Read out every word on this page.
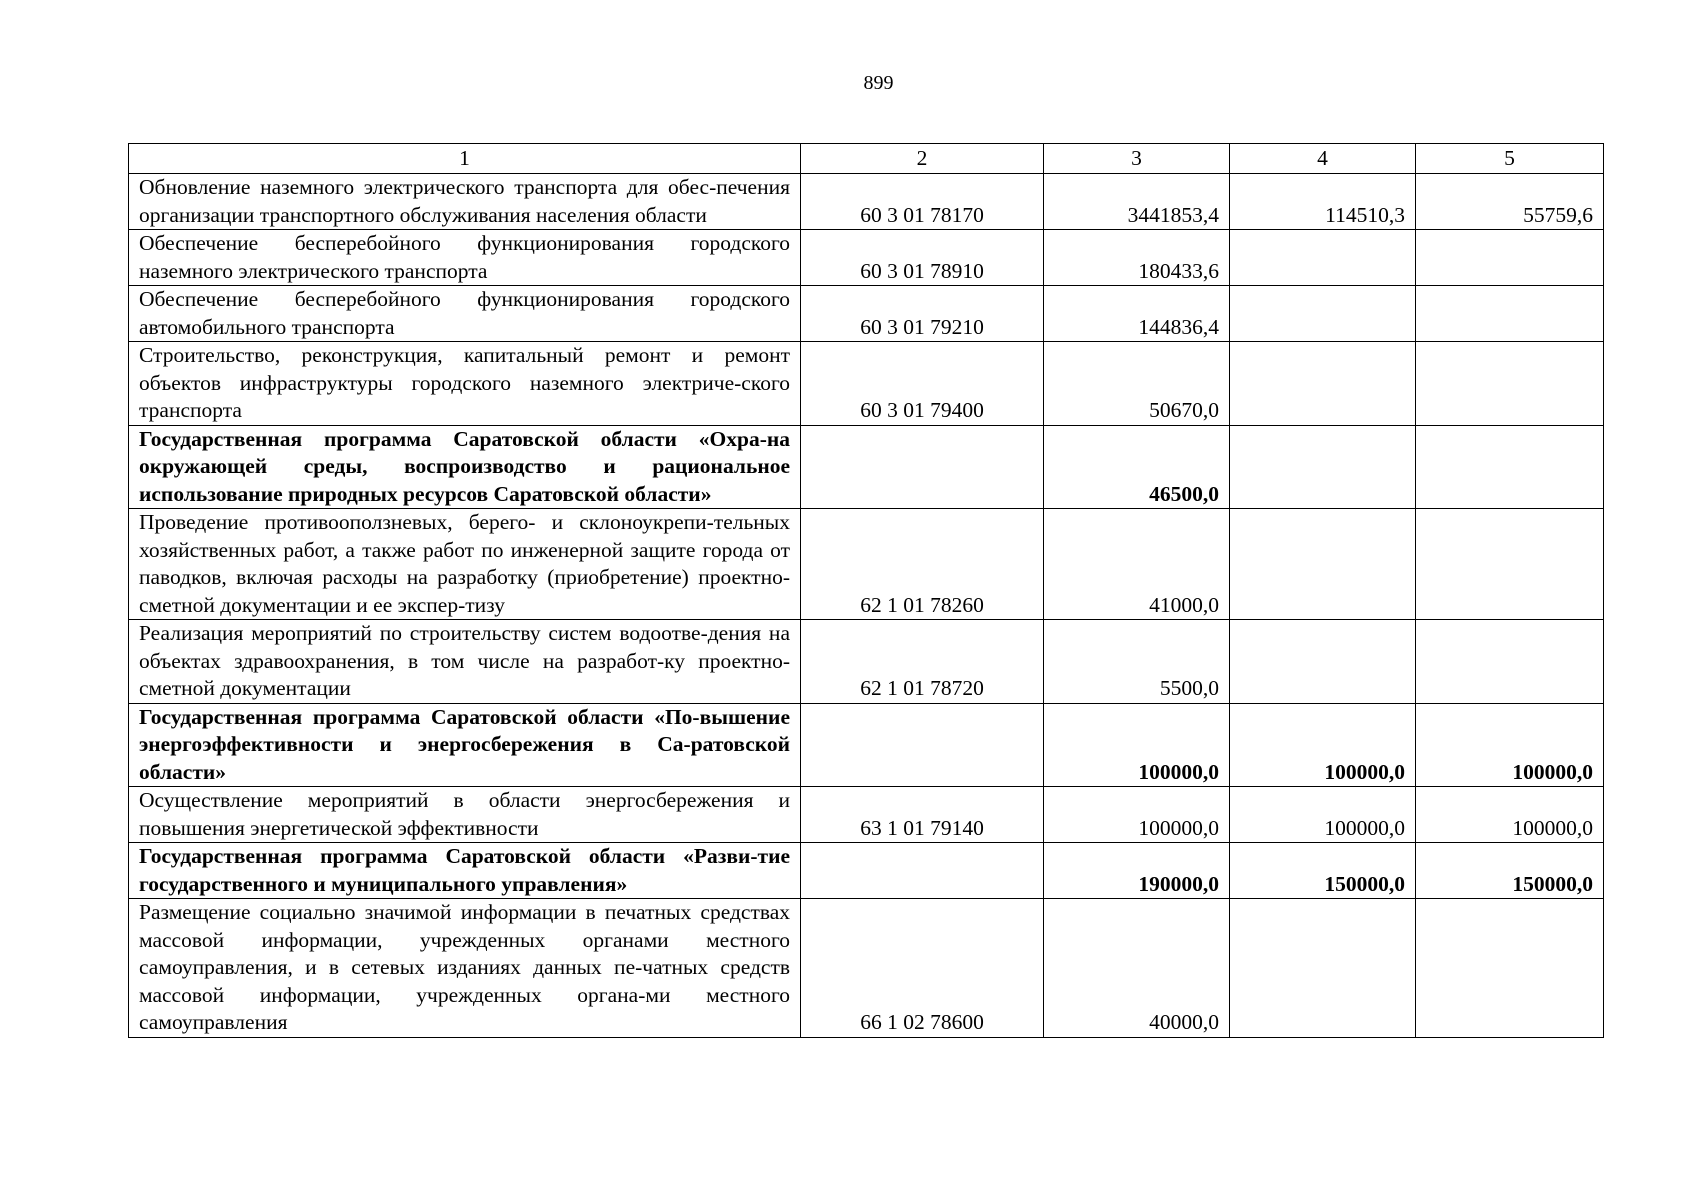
899
1	2	3	4	5
Обновление наземного электрического транспорта для обес-печения организации транспортного обслуживания населения области	60 3 01 78170	3441853,4	114510,3	55759,6
Обеспечение бесперебойного функционирования городского наземного электрического транспорта	60 3 01 78910	180433,6		
Обеспечение бесперебойного функционирования городского автомобильного транспорта	60 3 01 79210	144836,4		
Строительство, реконструкция, капитальный ремонт и ремонт объектов инфраструктуры городского наземного электриче-ского транспорта	60 3 01 79400	50670,0		
Государственная программа Саратовской области «Охра-на окружающей среды, воспроизводство и рациональное использование природных ресурсов Саратовской области»		46500,0		
Проведение противооползневых, берего- и склоноукрепи-тельных хозяйственных работ, а также работ по инженерной защите города от паводков, включая расходы на разработку (приобретение) проектно-сметной документации и ее экспер-тизу	62 1 01 78260	41000,0		
Реализация мероприятий по строительству систем водоотве-дения на объектах здравоохранения, в том числе на разработ-ку проектно-сметной документации	62 1 01 78720	5500,0		
Государственная программа Саратовской области «По-вышение энергоэффективности и энергосбережения в Са-ратовской области»		100000,0	100000,0	100000,0
Осуществление мероприятий в области энергосбережения и повышения энергетической эффективности	63 1 01 79140	100000,0	100000,0	100000,0
Государственная программа Саратовской области «Разви-тие государственного и муниципального управления»		190000,0	150000,0	150000,0
Размещение социально значимой информации в печатных средствах массовой информации, учрежденных органами местного самоуправления, и в сетевых изданиях данных пе-чатных средств массовой информации, учрежденных органа-ми местного самоуправления	66 1 02 78600	40000,0		
